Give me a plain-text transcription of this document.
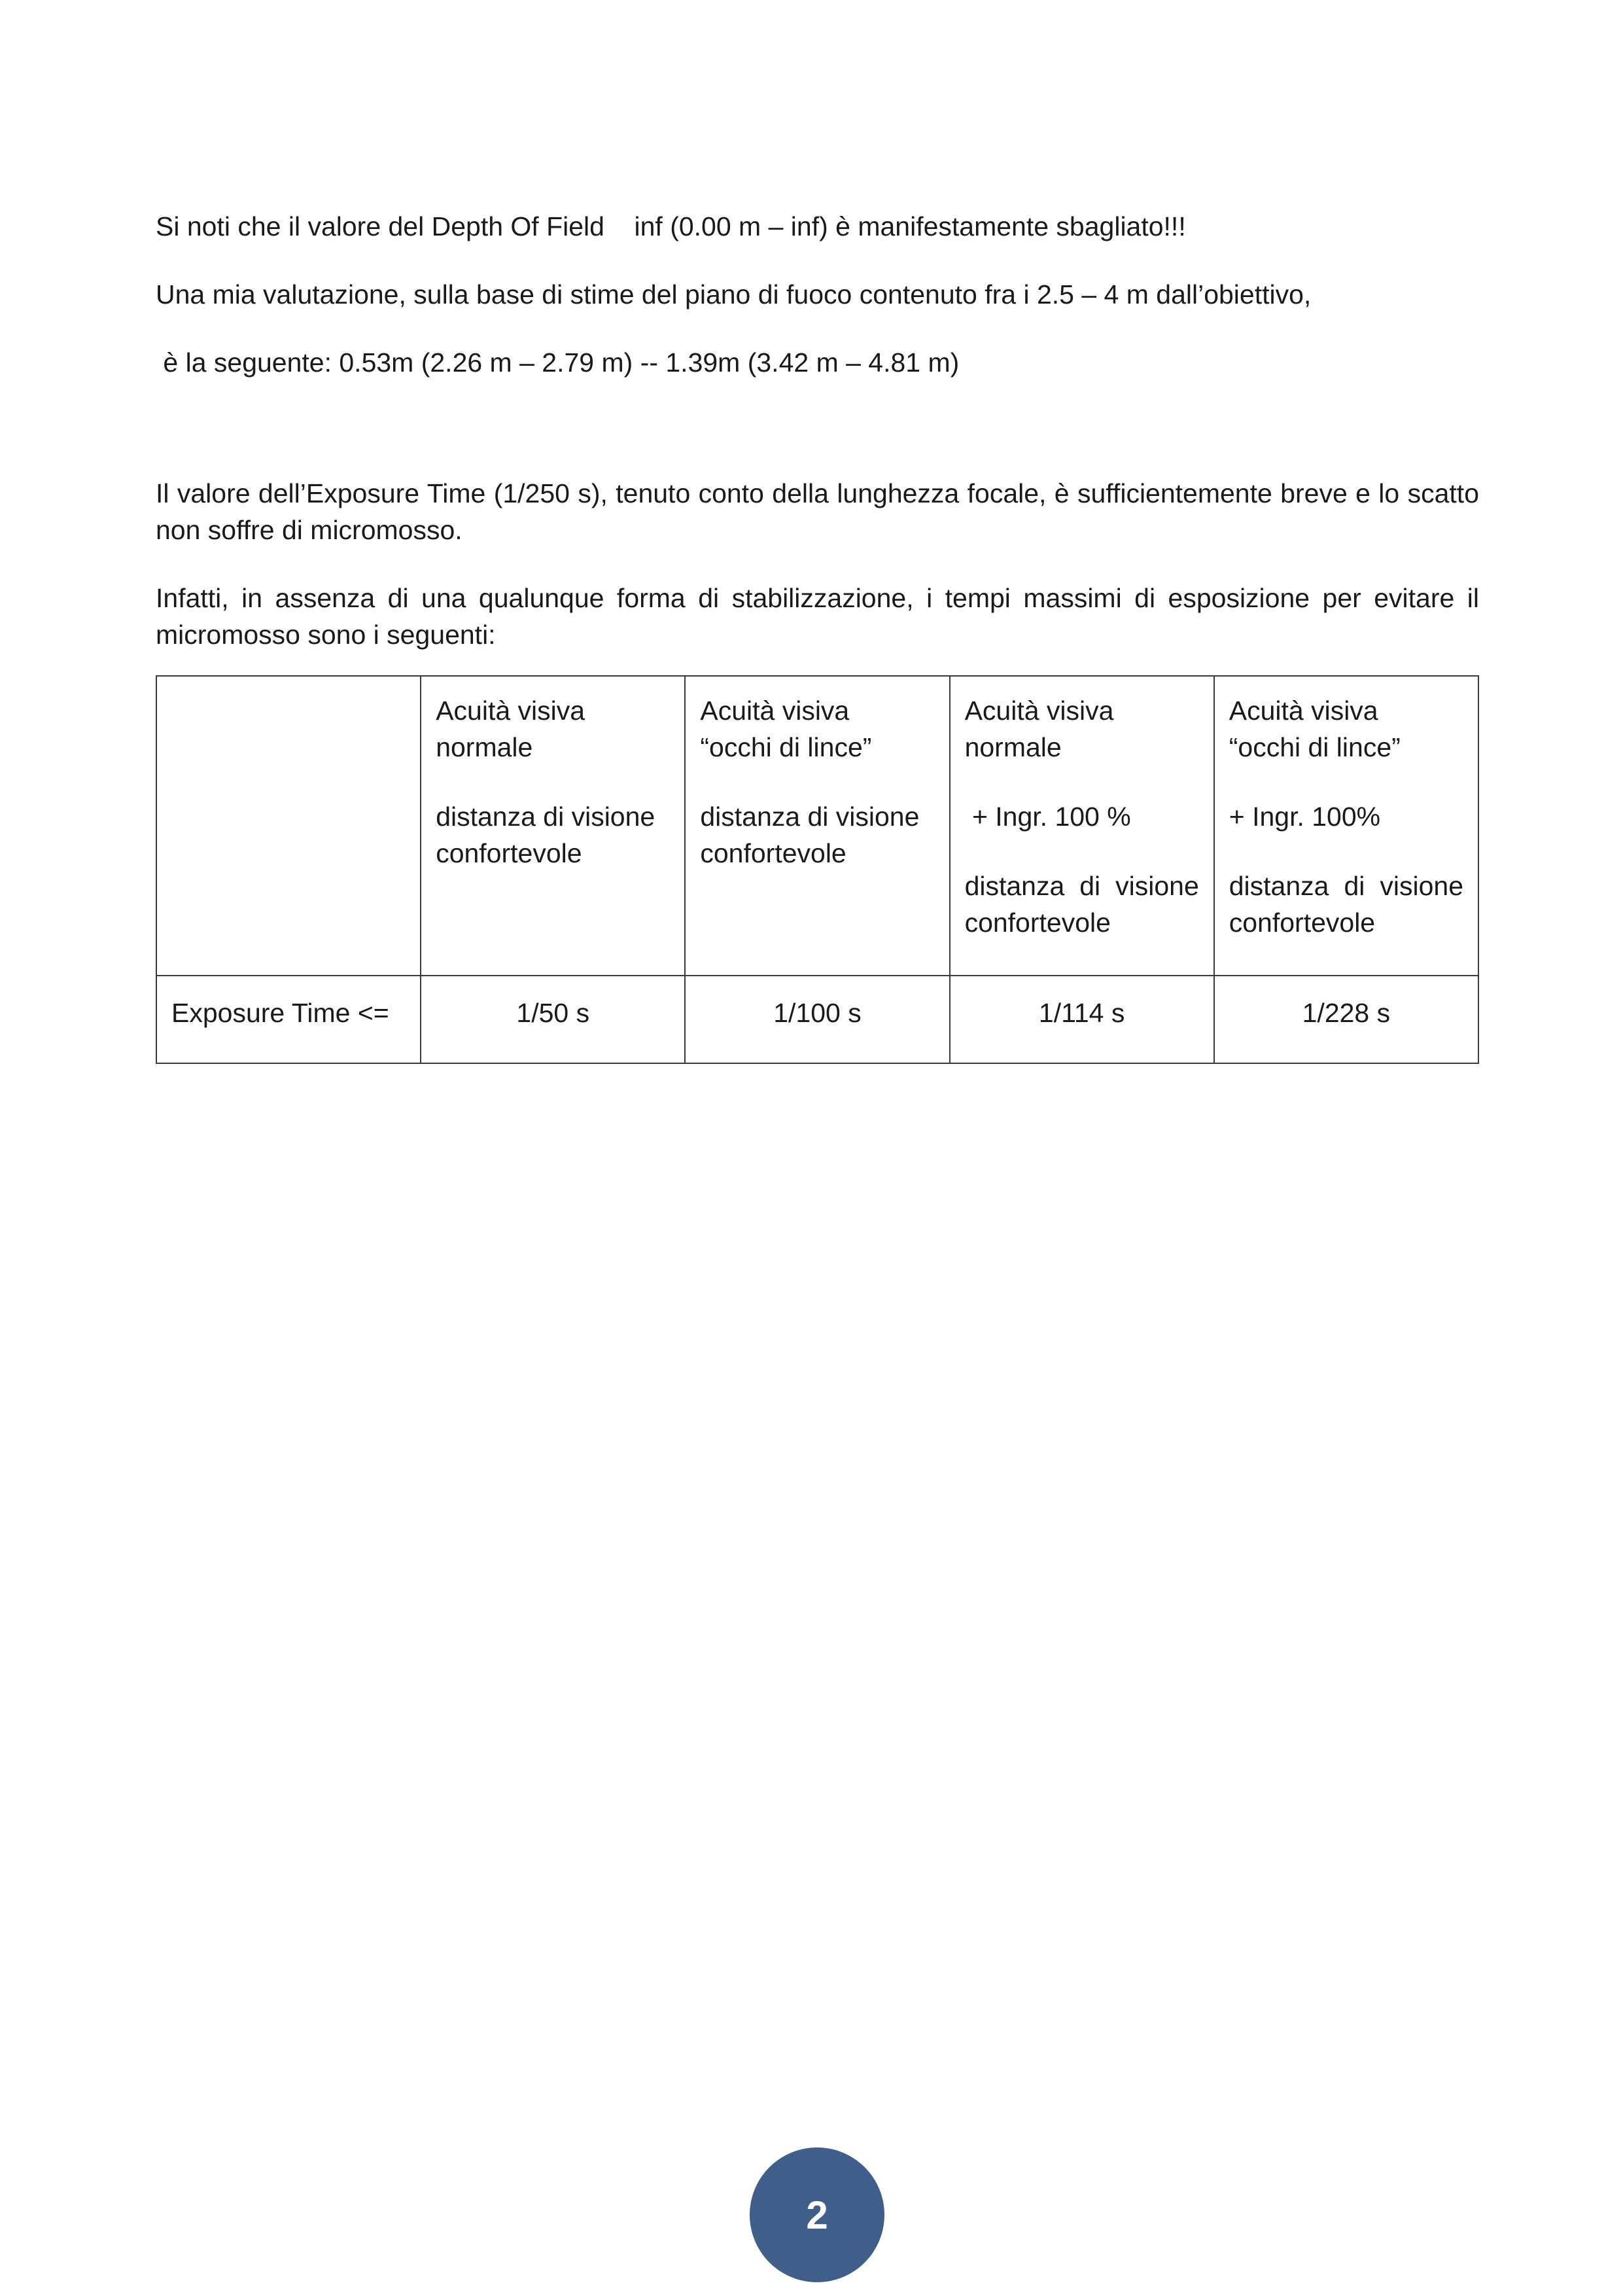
Si noti che il valore del Depth Of Field    inf (0.00 m – inf) è manifestamente sbagliato!!!

Una mia valutazione, sulla base di stime del piano di fuoco contenuto fra i 2.5 – 4 m dall’obiettivo,

è la seguente: 0.53m (2.26 m – 2.79 m) -- 1.39m (3.42 m – 4.81 m)

Il valore dell’Exposure Time (1/250 s), tenuto conto della lunghezza focale, è sufficientemente breve e lo scatto non soffre di micromosso.

Infatti, in assenza di una qualunque forma di stabilizzazione, i tempi massimi di esposizione per evitare il micromosso sono i seguenti:

	Acuità visiva
normale
distanza di visione
confortevole	Acuità visiva
“occhi di lince”
distanza di visione
confortevole	Acuità visiva
normale
+ Ingr. 100 %
distanza di visione
confortevole	Acuità visiva
“occhi di lince”
+ Ingr. 100%
distanza di visione
confortevole

Exposure Time <=	1/50 s	1/100 s	1/114 s	1/228 s
2
